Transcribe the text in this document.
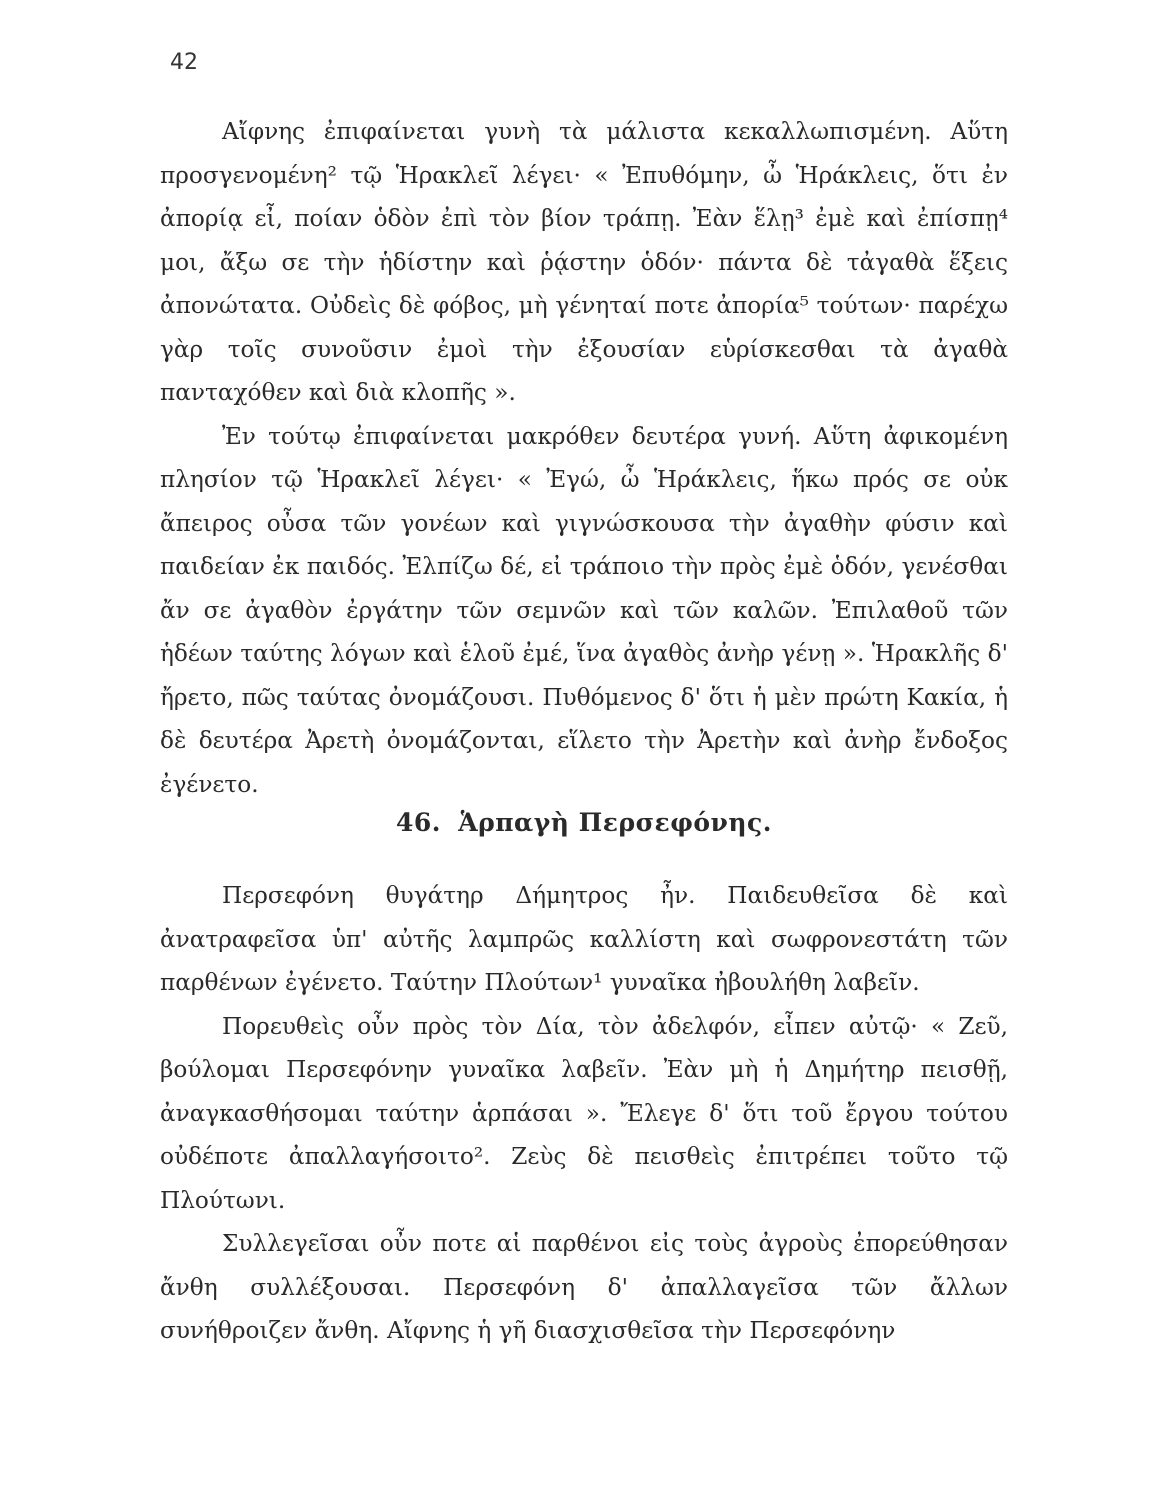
42

Αἴφνης ἐπιφαίνεται γυνὴ τὰ μάλιστα κεκαλλωπισμένη. Αὕτη προσγενομένη² τῷ Ἡρακλεῖ λέγει· « Ἐπυθόμην, ὦ Ἡράκλεις, ὅτι ἐν ἀπορίᾳ εἶ, ποίαν ὁδὸν ἐπὶ τὸν βίον τράπῃ. Ἐὰν ἕλῃ³ ἐμὲ καὶ ἐπίσπῃ⁴ μοι, ἄξω σε τὴν ἡδίστην καὶ ῥᾴστην ὁδόν· πάντα δὲ τἀγαθὰ ἕξεις ἀπονώτατα. Οὐδεὶς δὲ φόβος, μὴ γένηταί ποτε ἀπορία⁵ τούτων· παρέχω γὰρ τοῖς συνοῦσιν ἐμοὶ τὴν ἐξουσίαν εὑρίσκεσθαι τὰ ἀγαθὰ πανταχόθεν καὶ διὰ κλοπῆς ».

Ἐν τούτῳ ἐπιφαίνεται μακρόθεν δευτέρα γυνή. Αὕτη ἀφικομένη πλησίον τῷ Ἡρακλεῖ λέγει· « Ἐγώ, ὦ Ἡράκλεις, ἥκω πρός σε οὐκ ἄπειρος οὖσα τῶν γονέων καὶ γιγνώσκουσα τὴν ἀγαθὴν φύσιν καὶ παιδείαν ἐκ παιδός. Ἐλπίζω δέ, εἰ τράποιο τὴν πρὸς ἐμὲ ὁδόν, γενέσθαι ἄν σε ἀγαθὸν ἐργάτην τῶν σεμνῶν καὶ τῶν καλῶν. Ἐπιλαθοῦ τῶν ἡδέων ταύτης λόγων καὶ ἑλοῦ ἐμέ, ἵνα ἀγαθὸς ἀνὴρ γένῃ ». Ἡρακλῆς δ' ἤρετο, πῶς ταύτας ὀνομάζουσι. Πυθόμενος δ' ὅτι ἡ μὲν πρώτη Κακία, ἡ δὲ δευτέρα Ἀρετὴ ὀνομάζονται, εἵλετο τὴν Ἀρετὴν καὶ ἀνὴρ ἔνδοξος ἐγένετο.

46. Ἁρπαγὴ Περσεφόνης.

Περσεφόνη θυγάτηρ Δήμητρος ἦν. Παιδευθεῖσα δὲ καὶ ἀνατραφεῖσα ὑπ' αὐτῆς λαμπρῶς καλλίστη καὶ σωφρονεστάτη τῶν παρθένων ἐγένετο. Ταύτην Πλούτων¹ γυναῖκα ἠβουλήθη λαβεῖν.

Πορευθεὶς οὖν πρὸς τὸν Δία, τὸν ἀδελφόν, εἶπεν αὐτῷ· « Ζεῦ, βούλομαι Περσεφόνην γυναῖκα λαβεῖν. Ἐὰν μὴ ἡ Δημήτηρ πεισθῇ, ἀναγκασθήσομαι ταύτην ἁρπάσαι ». Ἔλεγε δ' ὅτι τοῦ ἔργου τούτου οὐδέποτε ἀπαλλαγήσοιτο². Ζεὺς δὲ πεισθεὶς ἐπιτρέπει τοῦτο τῷ Πλούτωνι.

Συλλεγεῖσαι οὖν ποτε αἱ παρθένοι εἰς τοὺς ἀγροὺς ἐπορεύθησαν ἄνθη συλλέξουσαι. Περσεφόνη δ' ἀπαλλαγεῖσα τῶν ἄλλων συνήθροιζεν ἄνθη. Αἴφνης ἡ γῆ διασχισθεῖσα τὴν Περσεφόνην
